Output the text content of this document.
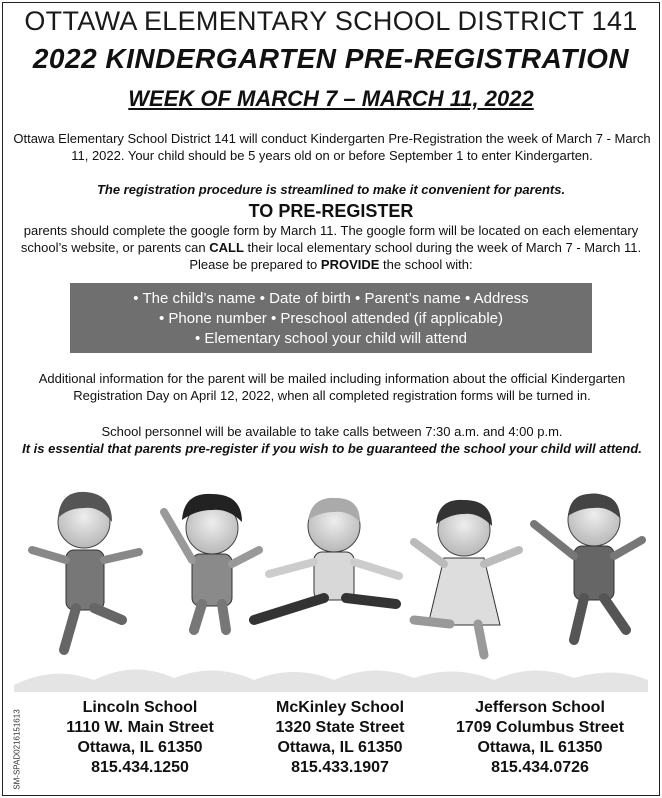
OTTAWA ELEMENTARY SCHOOL DISTRICT 141
2022 KINDERGARTEN PRE-REGISTRATION
WEEK OF MARCH 7 – MARCH 11, 2022
Ottawa Elementary School District 141 will conduct Kindergarten Pre-Registration the week of March 7 - March 11, 2022. Your child should be 5 years old on or before September 1 to enter Kindergarten.
The registration procedure is streamlined to make it convenient for parents.
TO PRE-REGISTER
parents should complete the google form by March 11. The google form will be located on each elementary school’s website, or parents can CALL their local elementary school during the week of March 7 - March 11. Please be prepared to PROVIDE the school with:
• The child’s name • Date of birth • Parent’s name • Address
• Phone number • Preschool attended (if applicable)
• Elementary school your child will attend
Additional information for the parent will be mailed including information about the official Kindergarten Registration Day on April 12, 2022, when all completed registration forms will be turned in.
School personnel will be available to take calls between 7:30 a.m. and 4:00 p.m.
It is essential that parents pre-register if you wish to be guaranteed the school your child will attend.
Lincoln School
1110 W. Main Street
Ottawa, IL 61350
815.434.1250
McKinley School
1320 State Street
Ottawa, IL 61350
815.433.1907
Jefferson School
1709 Columbus Street
Ottawa, IL 61350
815.434.0726
SM-SPAD0216151613
